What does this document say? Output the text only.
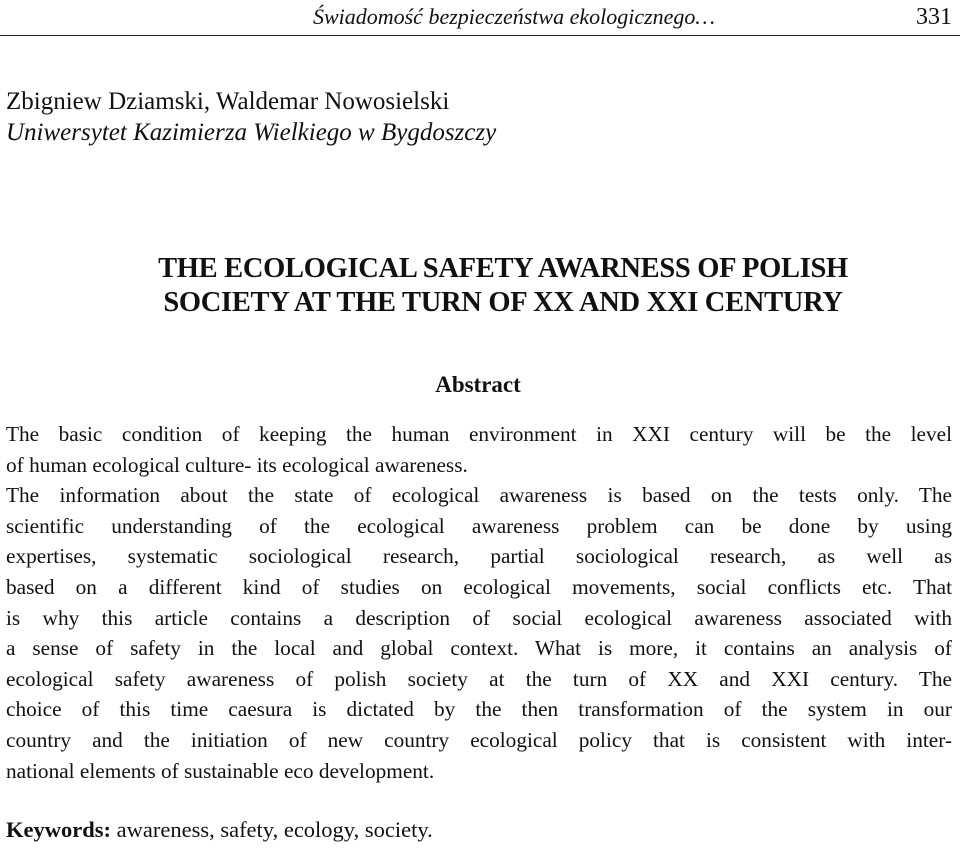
Świadomość bezpieczeństwa ekologicznego…	331
Zbigniew Dziamski, Waldemar Nowosielski
Uniwersytet Kazimierza Wielkiego w Bygdoszczy
THE ECOLOGICAL SAFETY AWARNESS OF POLISH
SOCIETY AT THE TURN OF XX AND XXI CENTURY
Abstract
The basic condition of keeping the human environment in XXI century will be the level​
of human ecological culture- its ecological awareness.
The information about the state of ecological awareness is based on the tests only. The​
scientific understanding of the ecological awareness problem can be done by using​
expertises, systematic sociological research, partial sociological research, as well as​
based on a different kind of studies on ecological movements, social conflicts etc. That​
is why this article contains a description of social ecological awareness associated with​
a sense of safety in the local and global context. What is more, it contains an analysis of​
ecological safety awareness of polish society at the turn of XX and XXI century. The​
choice of this time caesura is dictated by the then transformation of the system in our​
country and the initiation of new country ecological policy that is consistent with inter-​
national elements of sustainable eco development.
Keywords: awareness, safety, ecology, society.
